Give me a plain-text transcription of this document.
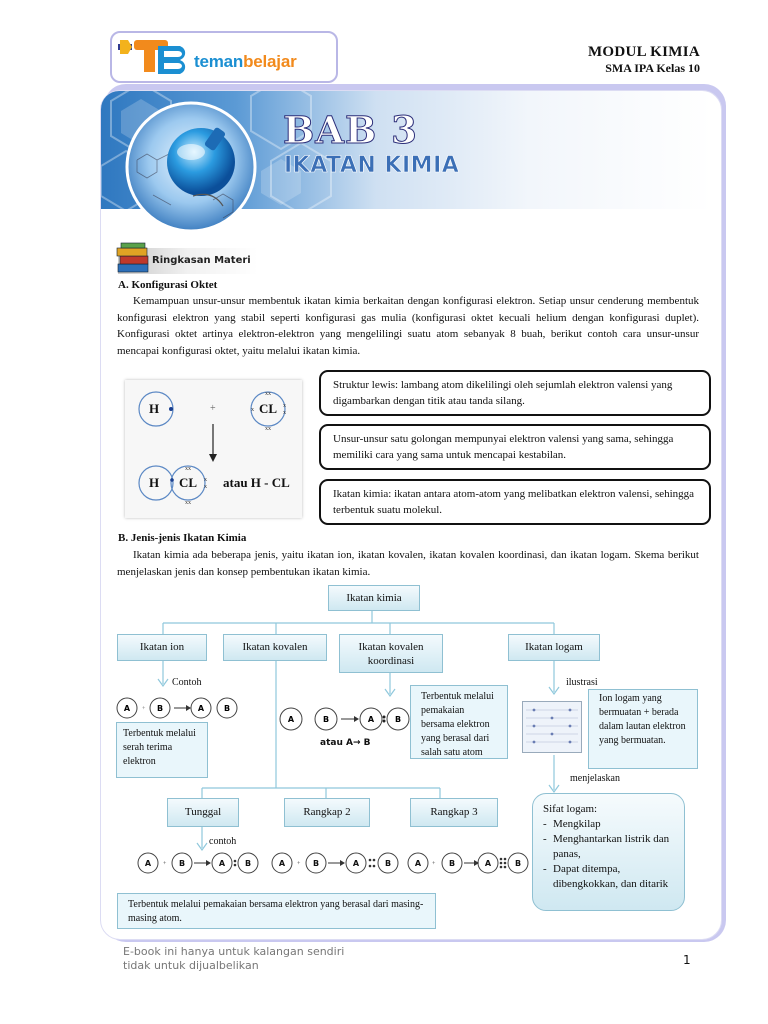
temanbelajar	MODUL KIMIA
SMA IPA Kelas 10
BAB 3
IKATAN KIMIA
Ringkasan Materi
A. Konfigurasi Oktet
Kemampuan unsur-unsur membentuk ikatan kimia berkaitan dengan konfigurasi elektron. Setiap unsur cenderung membentuk konfigurasi elektron yang stabil seperti konfigurasi gas mulia (konfigurasi oktet kecuali helium dengan konfigurasi duplet). Konfigurasi oktet artinya elektron-elektron yang mengelilingi suatu atom sebanyak 8 buah, berikut contoh cara unsur-unsur mencapai konfigurasi oktet, yaitu melalui ikatan kimia.
xx
xx
x
x
x
xx
xx
x
x
H	+	CL
H CL atau H - CL
Struktur lewis: lambang atom dikelilingi oleh sejumlah elektron valensi yang digambarkan dengan titik atau tanda silang.
Unsur-unsur satu golongan mempunyai elektron valensi yang sama, sehingga memiliki cara yang sama untuk mencapai kestabilan.
Ikatan kimia: ikatan antara atom-atom yang melibatkan elektron valensi, sehingga terbentuk suatu molekul.
B. Jenis-jenis Ikatan Kimia
Ikatan kimia ada beberapa jenis, yaitu ikatan ion, ikatan kovalen, ikatan kovalen koordinasi, dan ikatan logam. Skema berikut menjelaskan jenis dan konsep pembentukan ikatan kimia.
Ikatan kimia
Ikatan ion	Ikatan kovalen	Ikatan kovalen koordinasi
Ikatan logam
Contoh
A	B	A B
+
Terbentuk melalui serah terima elektron
A	B	A	B
atau A→ B
Terbentuk melalui pemakaian bersama elektron yang berasal dari salah satu atom
ilustrasi
Ion logam yang bermuatan + berada dalam lautan elektron yang bermuatan.
menjelaskan
Tunggal	Rangkap 2	Rangkap 3
contoh
A	B	A B	A	B	A	B	A	B	A	B
+	+	+
Sifat logam:
- Mengkilap
- Menghantarkan listrik dan panas,
- Dapat ditempa, dibengkokkan, dan ditarik
Terbentuk melalui pemakaian bersama elektron yang berasal dari masing-masing atom.
E-book ini hanya untuk kalangan sendiri
tidak untuk dijualbelikan	1
